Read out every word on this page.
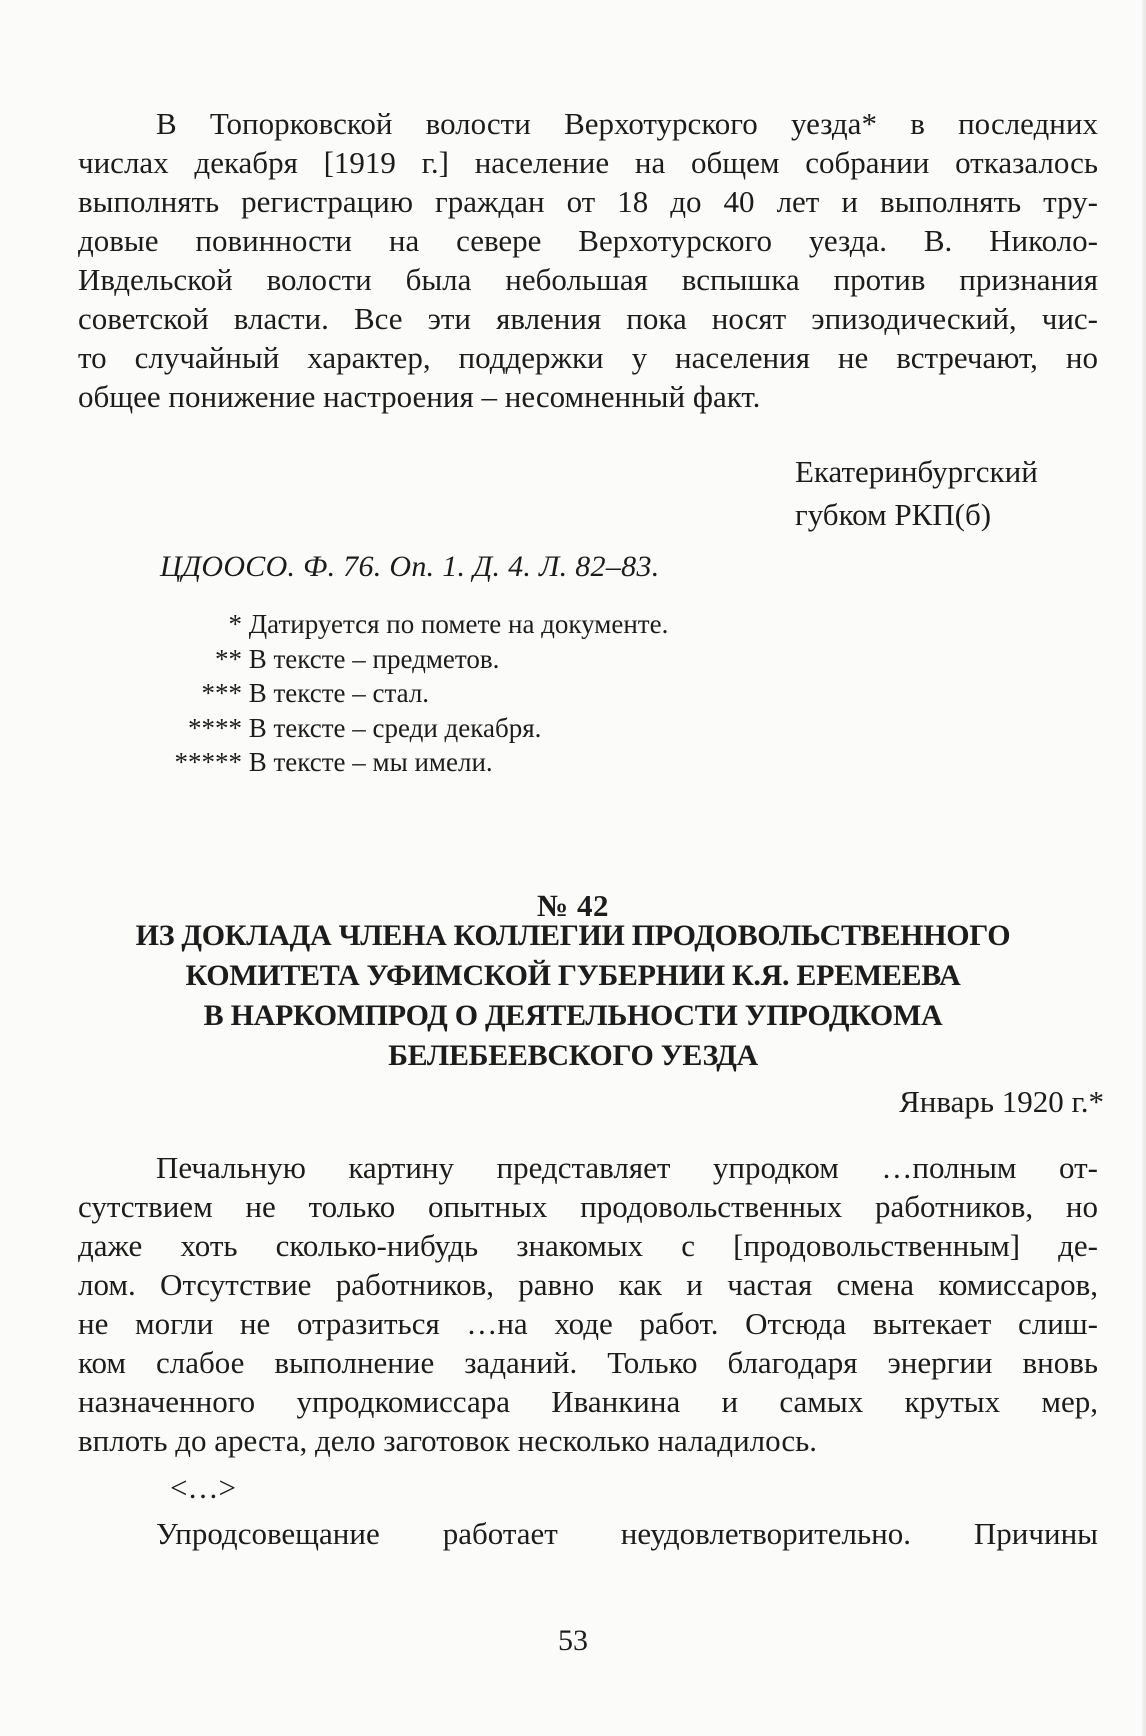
В Топорковской волости Верхотурского уезда* в последних
числах декабря [1919 г.] население на общем собрании отказалось
выполнять регистрацию граждан от 18 до 40 лет и выполнять тру-
довые повинности на севере Верхотурского уезда. В. Николо-
Ивдельской волости была небольшая вспышка против признания
советской власти. Все эти явления пока носят эпизодический, чис-
то случайный характер, поддержки у населения не встречают, но
общее понижение настроения – несомненный факт.
Екатеринбургский
губком РКП(б)

ЦДООСО. Ф. 76. Оп. 1. Д. 4. Л. 82–83.

* Датируется по помете на документе.
** В тексте – предметов.
*** В тексте – стал.
**** В тексте – среди декабря.
***** В тексте – мы имели.

№ 42

ИЗ ДОКЛАДА ЧЛЕНА КОЛЛЕГИИ ПРОДОВОЛЬСТВЕННОГО
КОМИТЕТА УФИМСКОЙ ГУБЕРНИИ К.Я. ЕРЕМЕЕВА
В НАРКОМПРОД О ДЕЯТЕЛЬНОСТИ УПРОДКОМА
БЕЛЕБЕЕВСКОГО УЕЗДА

Январь 1920 г.*

Печальную картину представляет упродком …полным от-
сутствием не только опытных продовольственных работников, но
даже хоть сколько-нибудь знакомых с [продовольственным] де-
лом. Отсутствие работников, равно как и частая смена комиссаров,
не могли не отразиться …на ходе работ. Отсюда вытекает слиш-
ком слабое выполнение заданий. Только благодаря энергии вновь
назначенного упродкомиссара Иванкина и самых крутых мер,
вплоть до ареста, дело заготовок несколько наладилось.

<…>

Упродсовещание работает неудовлетворительно. Причины

53
